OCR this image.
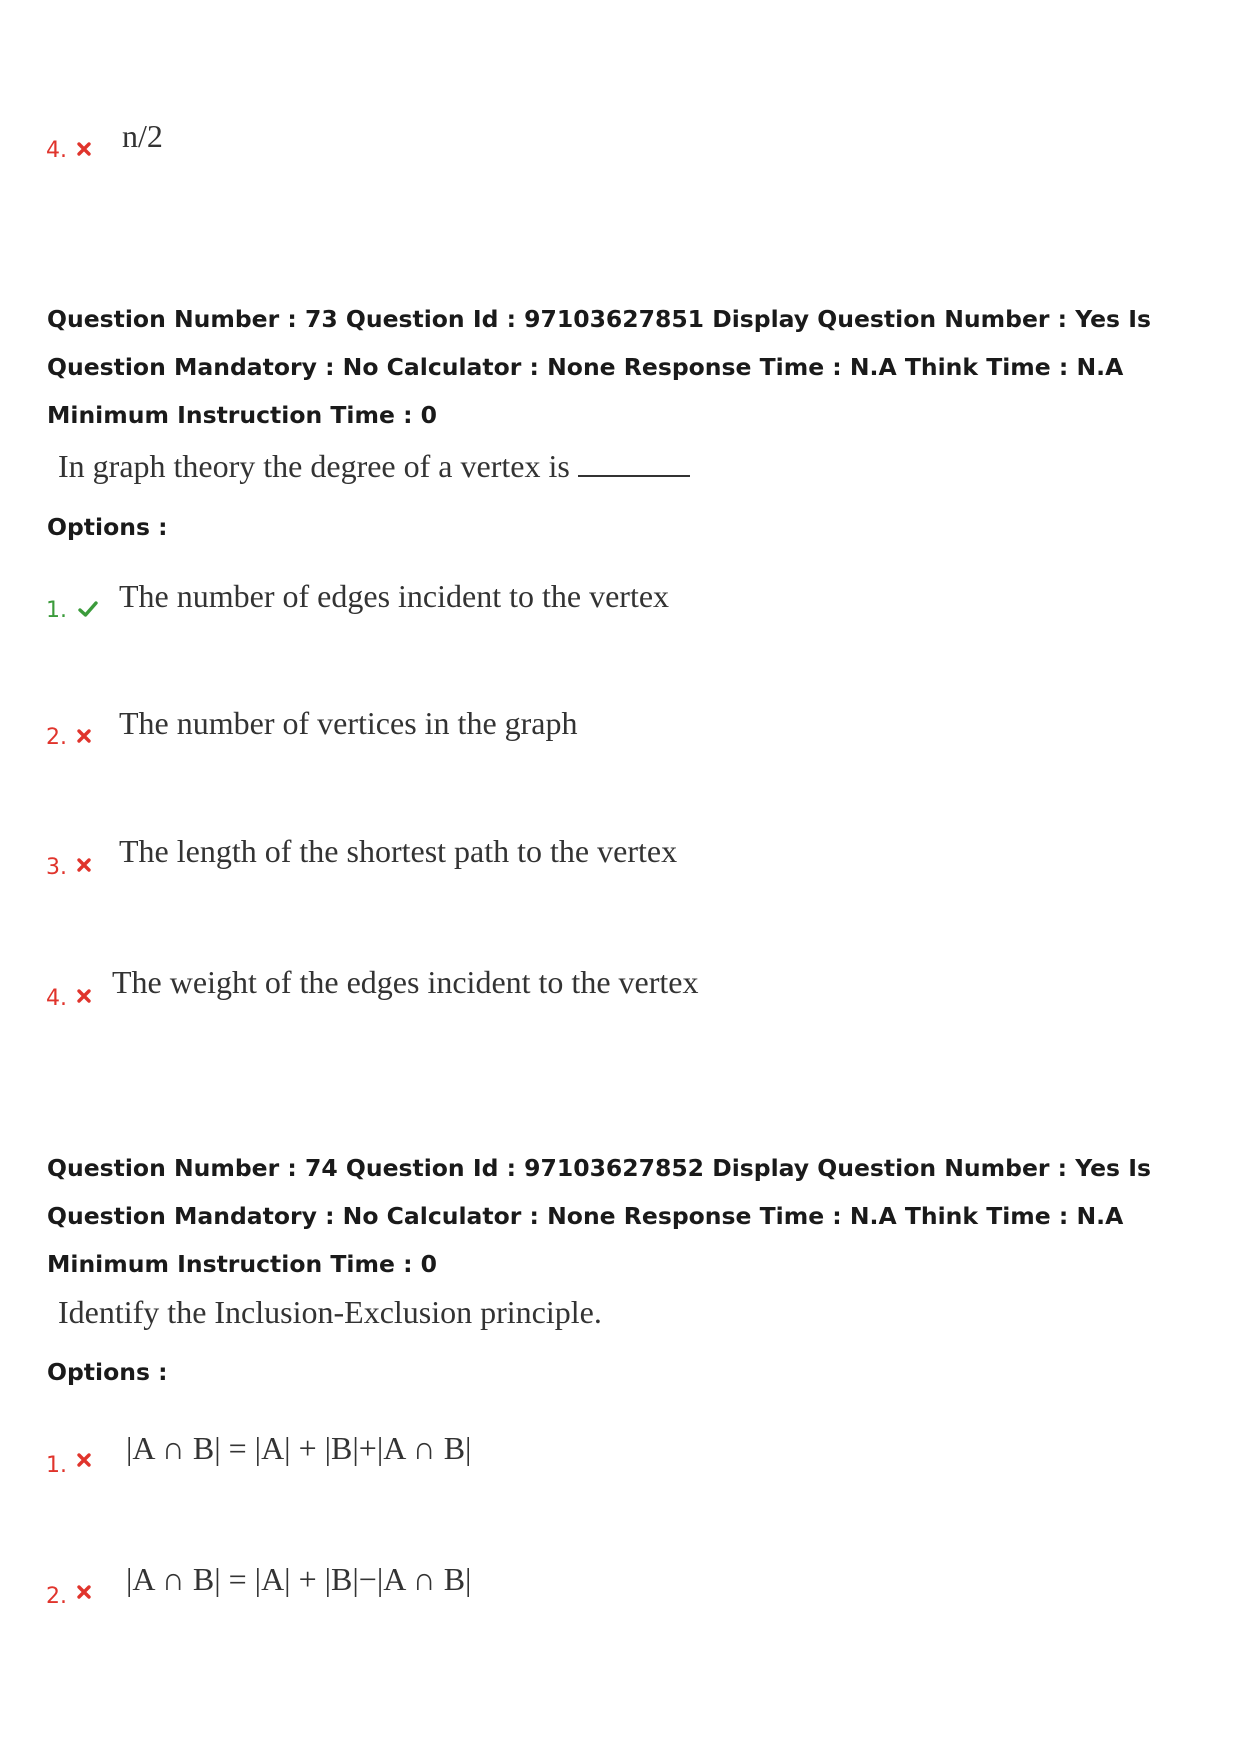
4. n/2

Question Number : 73 Question Id : 97103627851 Display Question Number : Yes Is Question Mandatory : No Calculator : None Response Time : N.A Think Time : N.A Minimum Instruction Time : 0

In graph theory the degree of a vertex is
Options :
1. The number of edges incident to the vertex
2. The number of vertices in the graph
3. The length of the shortest path to the vertex
4. The weight of the edges incident to the vertex

Question Number : 74 Question Id : 97103627852 Display Question Number : Yes Is Question Mandatory : No Calculator : None Response Time : N.A Think Time : N.A Minimum Instruction Time : 0

Identify the Inclusion-Exclusion principle.
Options :
1. |A ∩ B| = |A| + |B|+|A ∩ B|
2. |A ∩ B| = |A| + |B|−|A ∩ B|
